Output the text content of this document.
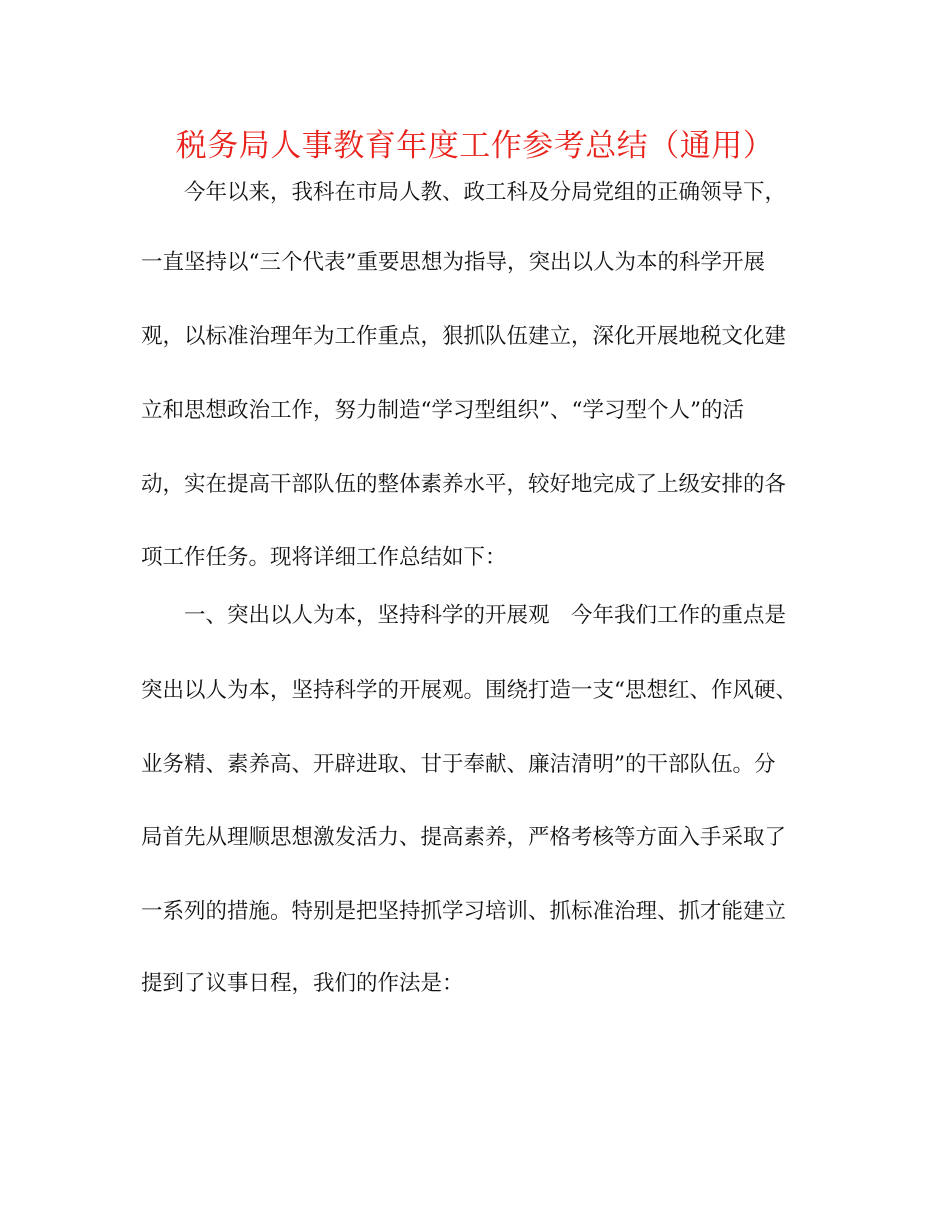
税务局人事教育年度工作参考总结（通用）
今年以来，我科在市局人教、政工科及分局党组的正确领导下，
一直坚持以“三个代表”重要思想为指导，突出以人为本的科学开展
观，以标准治理年为工作重点，狠抓队伍建立，深化开展地税文化建
立和思想政治工作，努力制造“学习型组织”、“学习型个人”的活
动，实在提高干部队伍的整体素养水平，较好地完成了上级安排的各
项工作任务。现将详细工作总结如下：
一、突出以人为本，坚持科学的开展观　今年我们工作的重点是
突出以人为本，坚持科学的开展观。围绕打造一支“思想红、作风硬、
业务精、素养高、开辟进取、甘于奉献、廉洁清明”的干部队伍。分
局首先从理顺思想激发活力、提高素养，严格考核等方面入手采取了
一系列的措施。特别是把坚持抓学习培训、抓标准治理、抓才能建立
提到了议事日程，我们的作法是：
